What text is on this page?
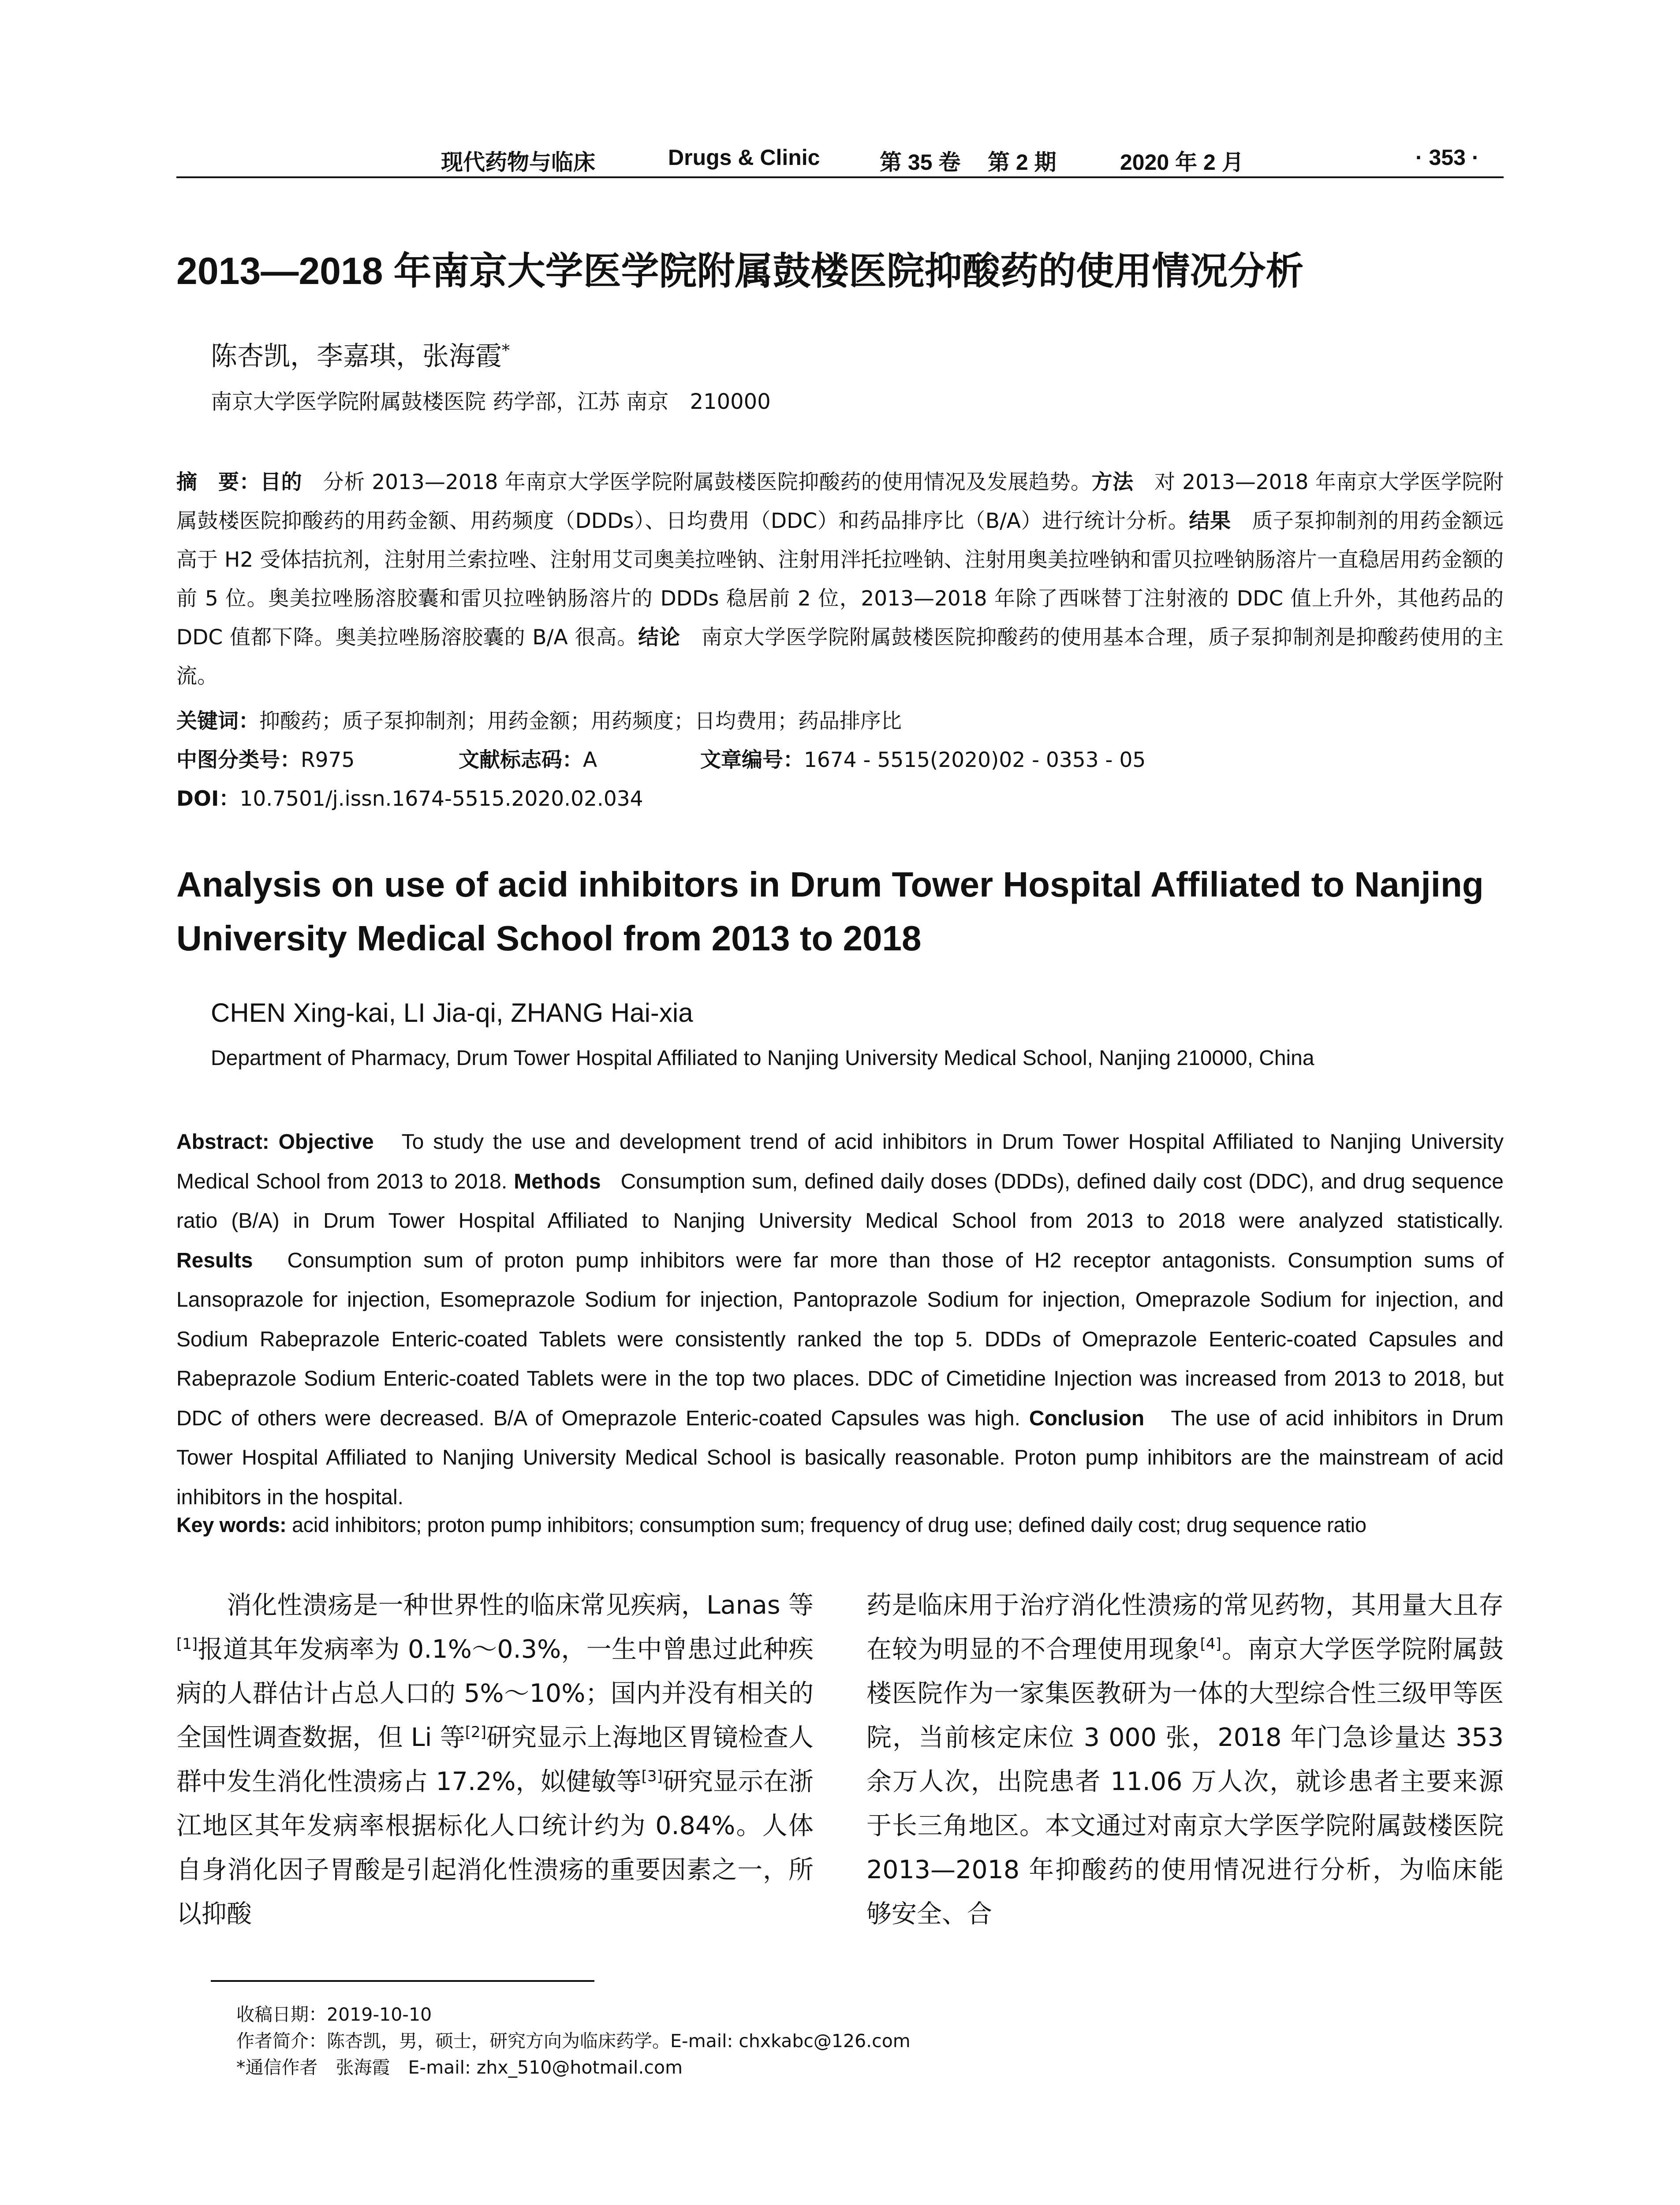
现代药物与临床	Drugs & Clinic	第 35 卷 第 2 期	2020 年 2 月	· 353 ·
2013—2018 年南京大学医学院附属鼓楼医院抑酸药的使用情况分析
陈杏凯，李嘉琪，张海霞*
南京大学医学院附属鼓楼医院 药学部，江苏 南京　210000
摘　要：目的　 分析 2013—2018 年南京大学医学院附属鼓楼医院抑酸药的使用情况及发展趋势。方法　 对 2013—2018 年南京大学医学院附属鼓楼医院抑酸药的用药金额、用药频度（DDDs）、日均费用（DDC）和药品排序比（B/A）进行统计分析。结果　 质子泵抑制剂的用药金额远高于 H2 受体拮抗剂，注射用兰索拉唑、注射用艾司奥美拉唑钠、注射用泮托拉唑钠、注射用奥美拉唑钠和雷贝拉唑钠肠溶片一直稳居用药金额的前 5 位。奥美拉唑肠溶胶囊和雷贝拉唑钠肠溶片的 DDDs 稳居前 2 位，2013—2018 年除了西咪替丁注射液的 DDC 值上升外，其他药品的 DDC 值都下降。奥美拉唑肠溶胶囊的 B/A 很高。结论　 南京大学医学院附属鼓楼医院抑酸药的使用基本合理，质子泵抑制剂是抑酸药使用的主流。
关键词：抑酸药；质子泵抑制剂；用药金额；用药频度；日均费用；药品排序比
中图分类号：R975	文献标志码：A	文章编号：1674 - 5515(2020)02 - 0353 - 05
DOI：10.7501/j.issn.1674-5515.2020.02.034
Analysis on use of acid inhibitors in Drum Tower Hospital Affiliated to Nanjing University Medical School from 2013 to 2018
CHEN Xing-kai, LI Jia-qi, ZHANG Hai-xia
Department of Pharmacy, Drum Tower Hospital Affiliated to Nanjing University Medical School, Nanjing 210000, China
Abstract: Objective To study the use and development trend of acid inhibitors in Drum Tower Hospital Affiliated to Nanjing University Medical School from 2013 to 2018. Methods Consumption sum, defined daily doses (DDDs), defined daily cost (DDC), and drug sequence ratio (B/A) in Drum Tower Hospital Affiliated to Nanjing University Medical School from 2013 to 2018 were analyzed statistically. Results Consumption sum of proton pump inhibitors were far more than those of H2 receptor antagonists. Consumption sums of Lansoprazole for injection, Esomeprazole Sodium for injection, Pantoprazole Sodium for injection, Omeprazole Sodium for injection, and Sodium Rabeprazole Enteric-coated Tablets were consistently ranked the top 5. DDDs of Omeprazole Eenteric-coated Capsules and Rabeprazole Sodium Enteric-coated Tablets were in the top two places. DDC of Cimetidine Injection was increased from 2013 to 2018, but DDC of others were decreased. B/A of Omeprazole Enteric-coated Capsules was high. Conclusion The use of acid inhibitors in Drum Tower Hospital Affiliated to Nanjing University Medical School is basically reasonable. Proton pump inhibitors are the mainstream of acid inhibitors in the hospital.
Key words: acid inhibitors; proton pump inhibitors; consumption sum; frequency of drug use; defined daily cost; drug sequence ratio
消化性溃疡是一种世界性的临床常见疾病，Lanas 等[1]报道其年发病率为 0.1%～0.3%，一生中曾患过此种疾病的人群估计占总人口的 5%～10%；国内并没有相关的全国性调查数据，但 Li 等[2]研究显示上海地区胃镜检查人群中发生消化性溃疡占 17.2%，姒健敏等[3]研究显示在浙江地区其年发病率根据标化人口统计约为 0.84%。人体自身消化因子胃酸是引起消化性溃疡的重要因素之一，所以抑酸
药是临床用于治疗消化性溃疡的常见药物，其用量大且存在较为明显的不合理使用现象[4]。南京大学医学院附属鼓楼医院作为一家集医教研为一体的大型综合性三级甲等医院，当前核定床位 3 000 张，2018 年门急诊量达 353 余万人次，出院患者 11.06 万人次，就诊患者主要来源于长三角地区。本文通过对南京大学医学院附属鼓楼医院 2013—2018 年抑酸药的使用情况进行分析，为临床能够安全、合
收稿日期：2019-10-10
作者简介：陈杏凯，男，硕士，研究方向为临床药学。E-mail: chxkabc@126.com
*通信作者　张海霞　E-mail: zhx_510@hotmail.com
